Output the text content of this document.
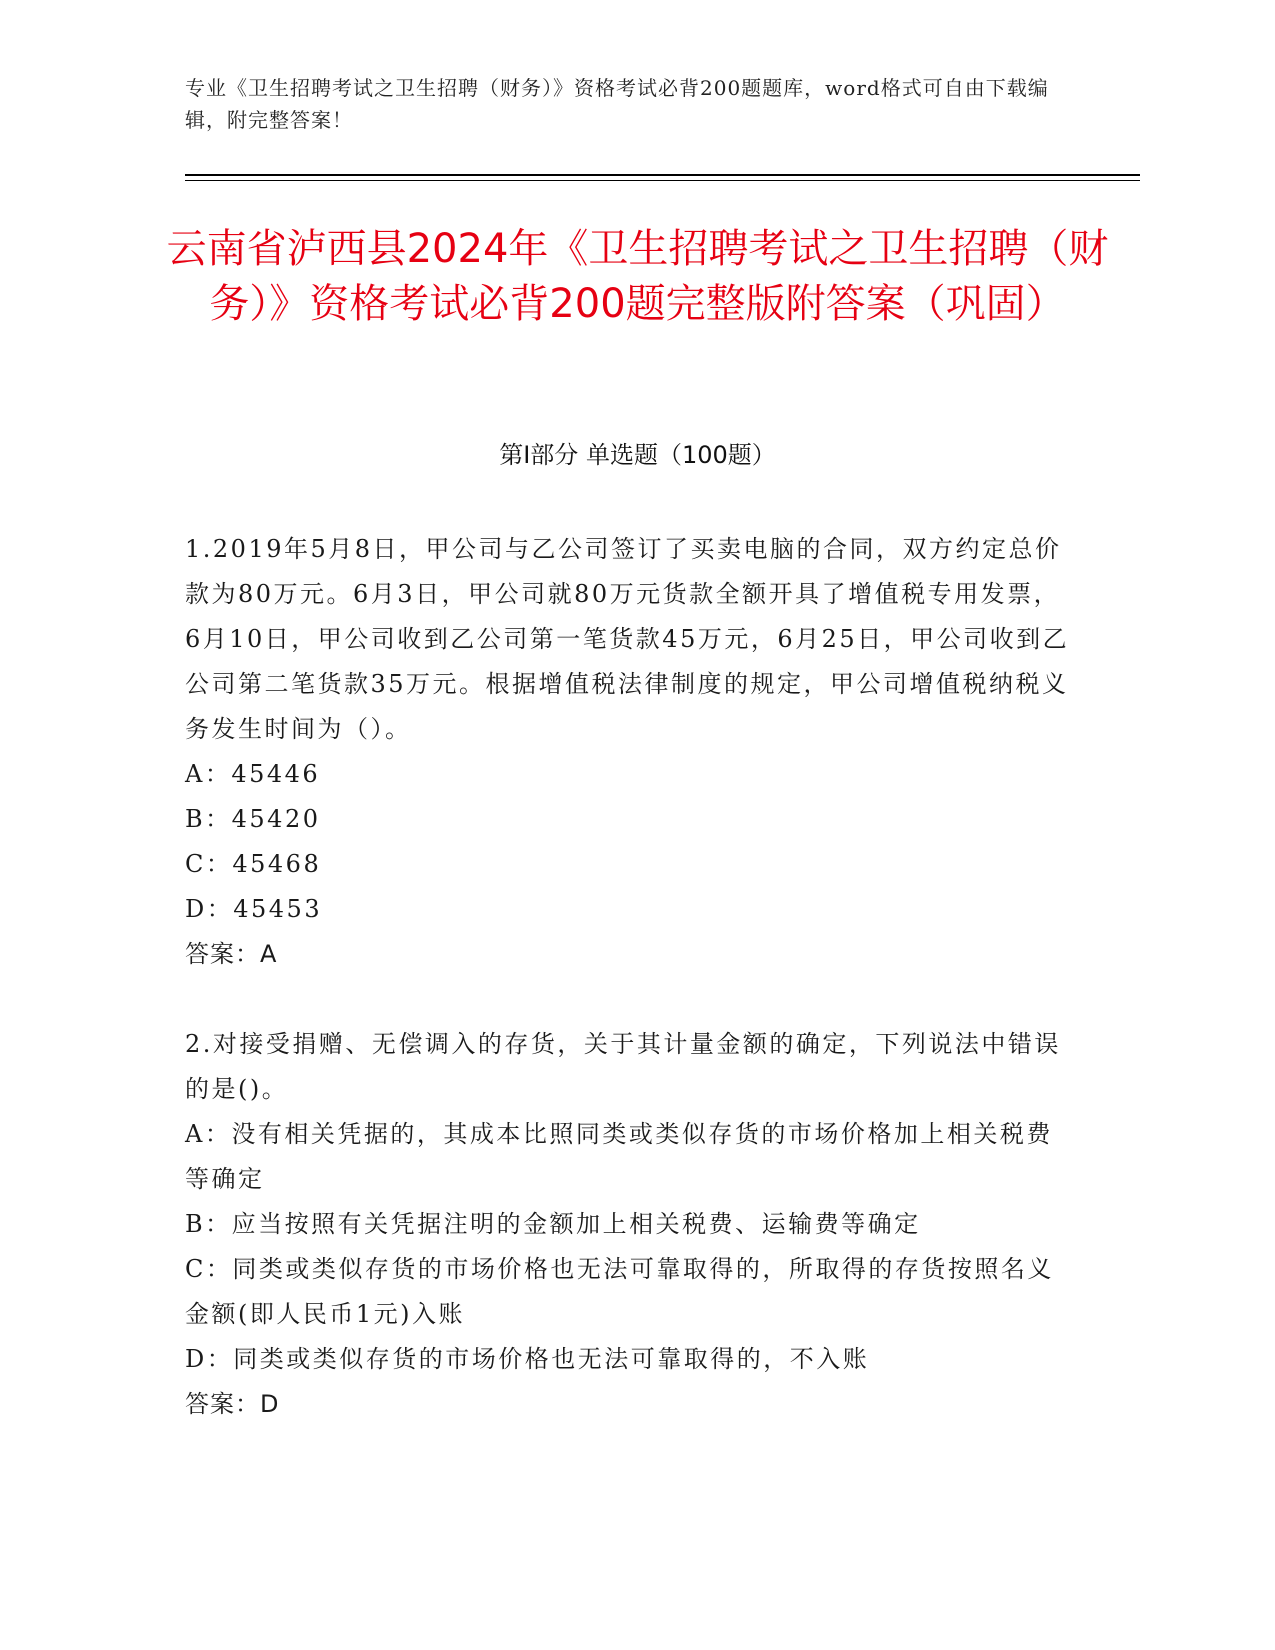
专业《卫生招聘考试之卫生招聘（财务）》资格考试必背200题题库，word格式可自由下载编辑，附完整答案！
云南省泸西县2024年《卫生招聘考试之卫生招聘（财务）》资格考试必背200题完整版附答案（巩固）
第Ⅰ部分 单选题（100题）

1.2019年5月8日，甲公司与乙公司签订了买卖电脑的合同，双方约定总价款为80万元。6月3日，甲公司就80万元货款全额开具了增值税专用发票，6月10日，甲公司收到乙公司第一笔货款45万元，6月25日，甲公司收到乙公司第二笔货款35万元。根据增值税法律制度的规定，甲公司增值税纳税义务发生时间为（）。

A：45446

B：45420

C：45468

D：45453

答案：A

2.对接受捐赠、无偿调入的存货，关于其计量金额的确定，下列说法中错误的是()。

A：没有相关凭据的，其成本比照同类或类似存货的市场价格加上相关税费等确定

B：应当按照有关凭据注明的金额加上相关税费、运输费等确定

C：同类或类似存货的市场价格也无法可靠取得的，所取得的存货按照名义金额(即人民币1元)入账

D：同类或类似存货的市场价格也无法可靠取得的，不入账

答案：D
